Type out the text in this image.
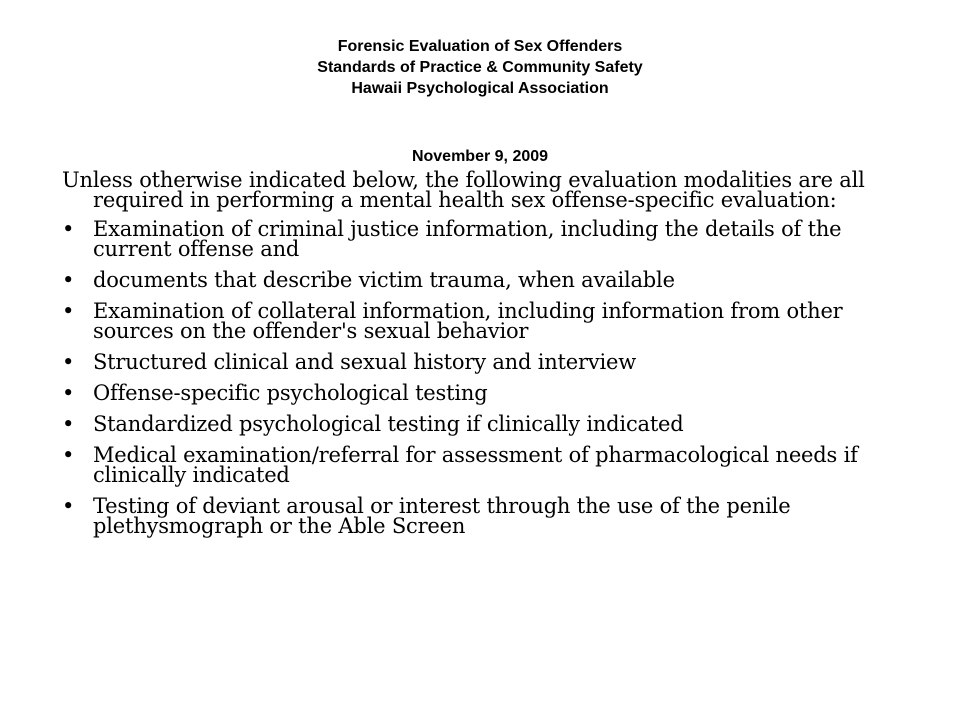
Forensic Evaluation of Sex Offenders
Standards of Practice & Community Safety
Hawaii Psychological Association
November 9, 2009

Unless otherwise indicated below, the following evaluation modalities are all required in performing a mental health sex offense-specific evaluation:

• Examination of criminal justice information, including the details of the current offense and
• documents that describe victim trauma, when available
• Examination of collateral information, including information from other sources on the offender's sexual behavior
• Structured clinical and sexual history and interview
• Offense-specific psychological testing
• Standardized psychological testing if clinically indicated
• Medical examination/referral for assessment of pharmacological needs if clinically indicated
• Testing of deviant arousal or interest through the use of the penile plethysmograph or the Able Screen
